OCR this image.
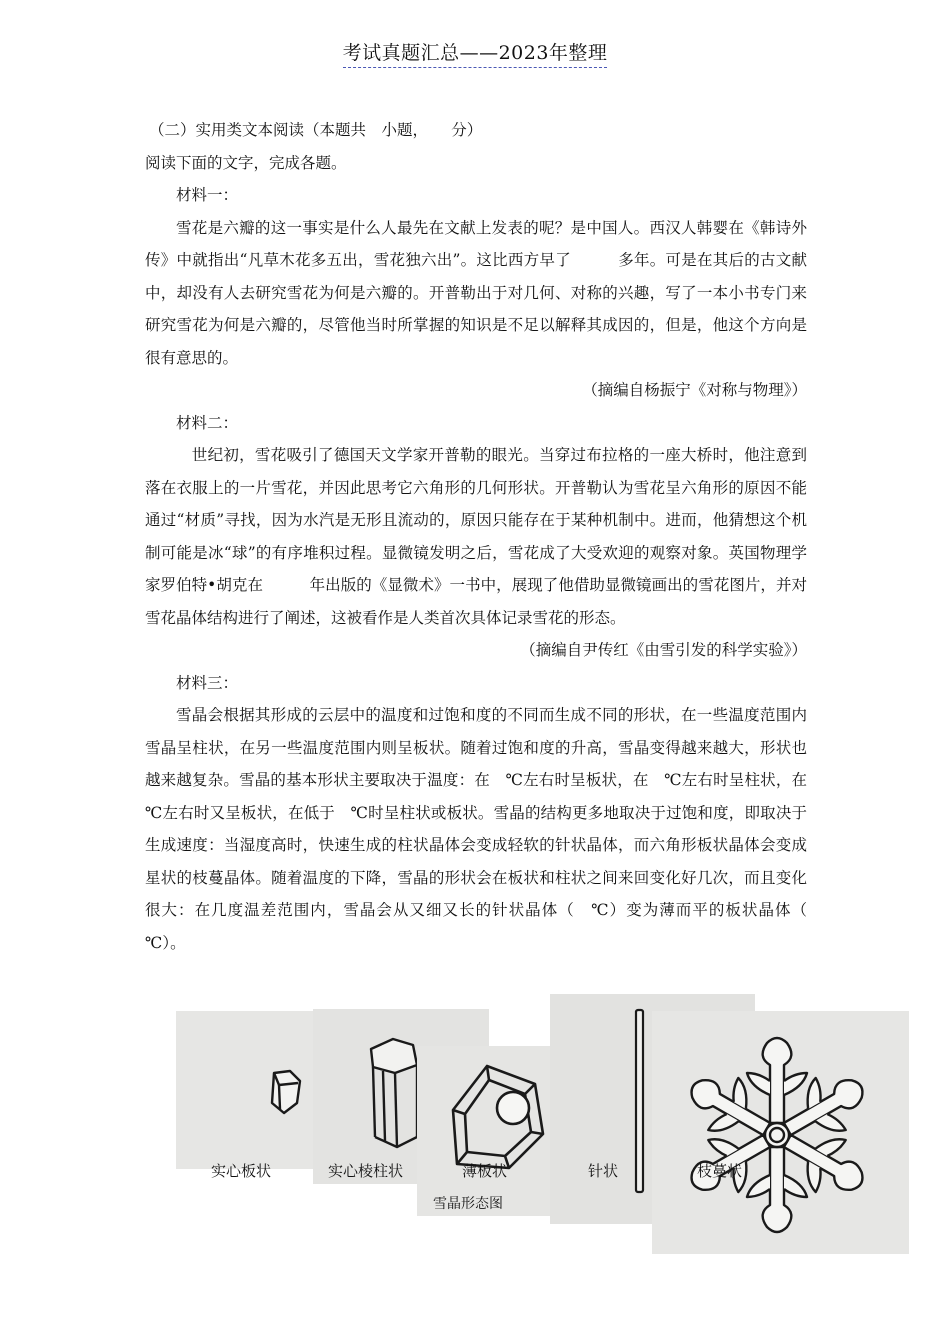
考试真题汇总——2023年整理
（二）实用类文本阅读（本题共　小题，　　分）
阅读下面的文字，完成各题。
材料一：
雪花是六瓣的这一事实是什么人最先在文献上发表的呢？是中国人。西汉人韩婴在《韩诗外传》中就指出“凡草木花多五出，雪花独六出”。这比西方早了　　　多年。可是在其后的古文献中，却没有人去研究雪花为何是六瓣的。开普勒出于对几何、对称的兴趣，写了一本小书专门来研究雪花为何是六瓣的，尽管他当时所掌握的知识是不足以解释其成因的，但是，他这个方向是很有意思的。
（摘编自杨振宁《对称与物理》）
材料二：
　世纪初，雪花吸引了德国天文学家开普勒的眼光。当穿过布拉格的一座大桥时，他注意到落在衣服上的一片雪花，并因此思考它六角形的几何形状。开普勒认为雪花呈六角形的原因不能通过“材质”寻找，因为水汽是无形且流动的，原因只能存在于某种机制中。进而，他猜想这个机制可能是冰“球”的有序堆积过程。显微镜发明之后，雪花成了大受欢迎的观察对象。英国物理学家罗伯特•胡克在　　　年出版的《显微术》一书中，展现了他借助显微镜画出的雪花图片，并对雪花晶体结构进行了阐述，这被看作是人类首次具体记录雪花的形态。
（摘编自尹传红《由雪引发的科学实验》）
材料三：
雪晶会根据其形成的云层中的温度和过饱和度的不同而生成不同的形状，在一些温度范围内雪晶呈柱状，在另一些温度范围内则呈板状。随着过饱和度的升高，雪晶变得越来越大，形状也越来越复杂。雪晶的基本形状主要取决于温度：在　℃左右时呈板状，在　℃左右时呈柱状，在　℃左右时又呈板状，在低于　℃时呈柱状或板状。雪晶的结构更多地取决于过饱和度，即取决于生成速度：当湿度高时，快速生成的柱状晶体会变成轻软的针状晶体，而六角形板状晶体会变成星状的枝蔓晶体。随着温度的下降，雪晶的形状会在板状和柱状之间来回变化好几次，而且变化很大：在几度温差范围内，雪晶会从又细又长的针状晶体（　℃）变为薄而平的板状晶体（　℃）。
实心板状	实心棱柱状	薄板状	针状	枝蔓状
雪晶形态图
